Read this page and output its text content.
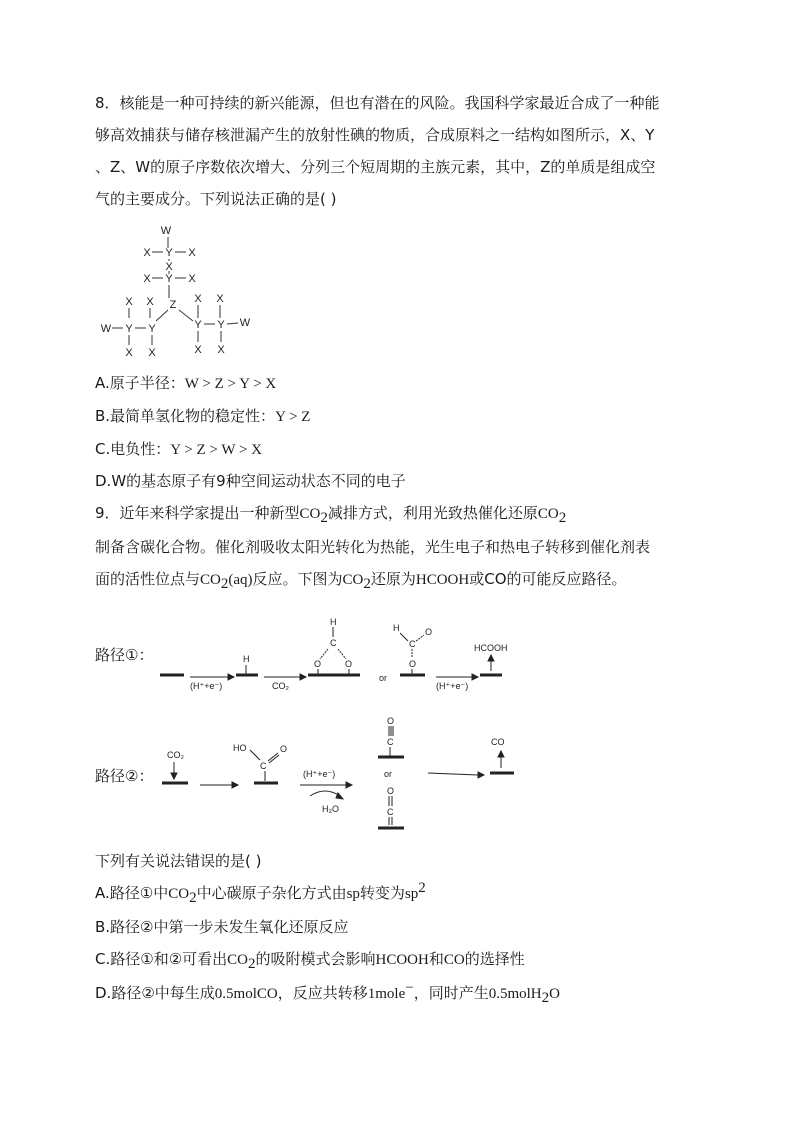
8．核能是一种可持续的新兴能源，但也有潜在的风险。我国科学家最近合成了一种能
够高效捕获与储存核泄漏产生的放射性碘的物质，合成原料之一结构如图所示，X、Y
、Z、W的原子序数依次增大、分列三个短周期的主族元素，其中，Z的单质是组成空
气的主要成分。下列说法正确的是( )
W
X Y X
X
X Y X
Z
X
X
W Y Y
X X
X X
Y Y W
X X
A.原子半径：W > Z > Y > X
B.最简单氢化物的稳定性：Y > Z
C.电负性：Y > Z > W > X
D.W的基态原子有9种空间运动状态不同的电子
9．近年来科学家提出一种新型$CO_2$减排方式，利用光致热催化还原$CO_2$
制备含碳化合物。催化剂吸收太阳光转化为热能，光生电子和热电子转移到催化剂表
面的活性位点与$CO_2(aq)$反应。下图为$CO_2$还原为HCOOH或CO的可能反应路径。
路径①：
(H⁺+e⁻)
H
CO₂
H
C
O	O
or
H
C
O
O
(H⁺+e⁻)
HCOOH
路径②：
CO₂
HO
C
O
(H⁺+e⁻)
H₂O
O
C
or
O
C
CO
下列有关说法错误的是( )
A.路径①中$CO_2$中心碳原子杂化方式由sp转变为$sp^2$
B.路径②中第一步未发生氧化还原反应
C.路径①和②可看出$CO_2$的吸附模式会影响HCOOH和CO的选择性
D.路径②中每生成0.5molCO，反应共转移1mole−，同时产生0.5molH$_2$O
